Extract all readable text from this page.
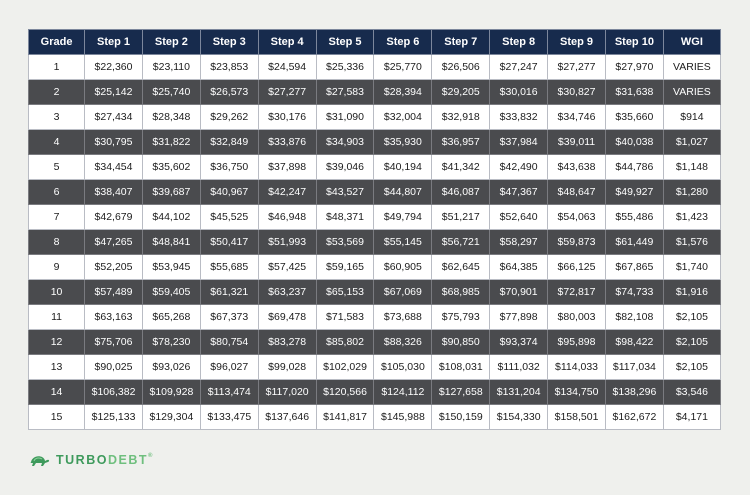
Grade	Step 1	Step 2	Step 3	Step 4	Step 5	Step 6	Step 7	Step 8	Step 9	Step 10	WGI
1	$22,360	$23,110	$23,853	$24,594	$25,336	$25,770	$26,506	$27,247	$27,277	$27,970	VARIES
2	$25,142	$25,740	$26,573	$27,277	$27,583	$28,394	$29,205	$30,016	$30,827	$31,638	VARIES
3	$27,434	$28,348	$29,262	$30,176	$31,090	$32,004	$32,918	$33,832	$34,746	$35,660	$914
4	$30,795	$31,822	$32,849	$33,876	$34,903	$35,930	$36,957	$37,984	$39,011	$40,038	$1,027
5	$34,454	$35,602	$36,750	$37,898	$39,046	$40,194	$41,342	$42,490	$43,638	$44,786	$1,148
6	$38,407	$39,687	$40,967	$42,247	$43,527	$44,807	$46,087	$47,367	$48,647	$49,927	$1,280
7	$42,679	$44,102	$45,525	$46,948	$48,371	$49,794	$51,217	$52,640	$54,063	$55,486	$1,423
8	$47,265	$48,841	$50,417	$51,993	$53,569	$55,145	$56,721	$58,297	$59,873	$61,449	$1,576
9	$52,205	$53,945	$55,685	$57,425	$59,165	$60,905	$62,645	$64,385	$66,125	$67,865	$1,740
10	$57,489	$59,405	$61,321	$63,237	$65,153	$67,069	$68,985	$70,901	$72,817	$74,733	$1,916
11	$63,163	$65,268	$67,373	$69,478	$71,583	$73,688	$75,793	$77,898	$80,003	$82,108	$2,105
12	$75,706	$78,230	$80,754	$83,278	$85,802	$88,326	$90,850	$93,374	$95,898	$98,422	$2,105
13	$90,025	$93,026	$96,027	$99,028	$102,029	$105,030	$108,031	$111,032	$114,033	$117,034	$2,105
14	$106,382	$109,928	$113,474	$117,020	$120,566	$124,112	$127,658	$131,204	$134,750	$138,296	$3,546
15	$125,133	$129,304	$133,475	$137,646	$141,817	$145,988	$150,159	$154,330	$158,501	$162,672	$4,171
TURBODEBT®
